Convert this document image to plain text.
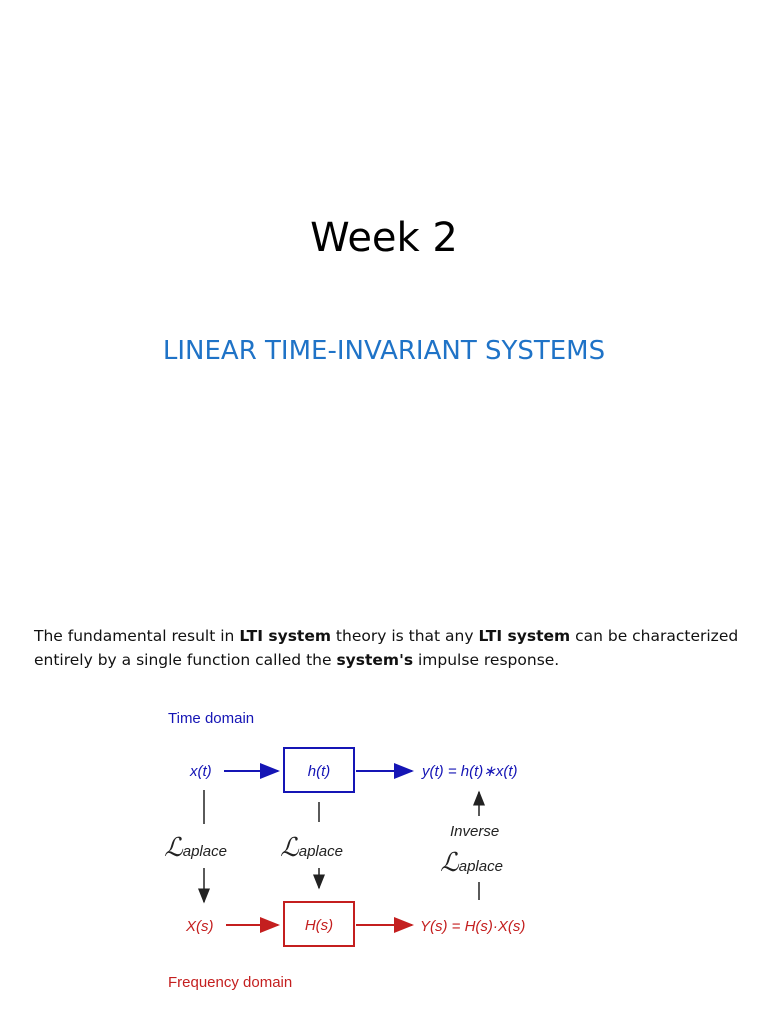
Week 2
LINEAR TIME-INVARIANT SYSTEMS
The fundamental result in LTI system theory is that any LTI system can be characterized entirely by a single function called the system's impulse response.
Time domain
x(t)	h(t)	y(t) = h(t)∗x(t)
ℒaplace ℒaplace
Inverse
ℒaplace
X(s)	H(s)	Y(s) = H(s)·X(s)
Frequency domain
